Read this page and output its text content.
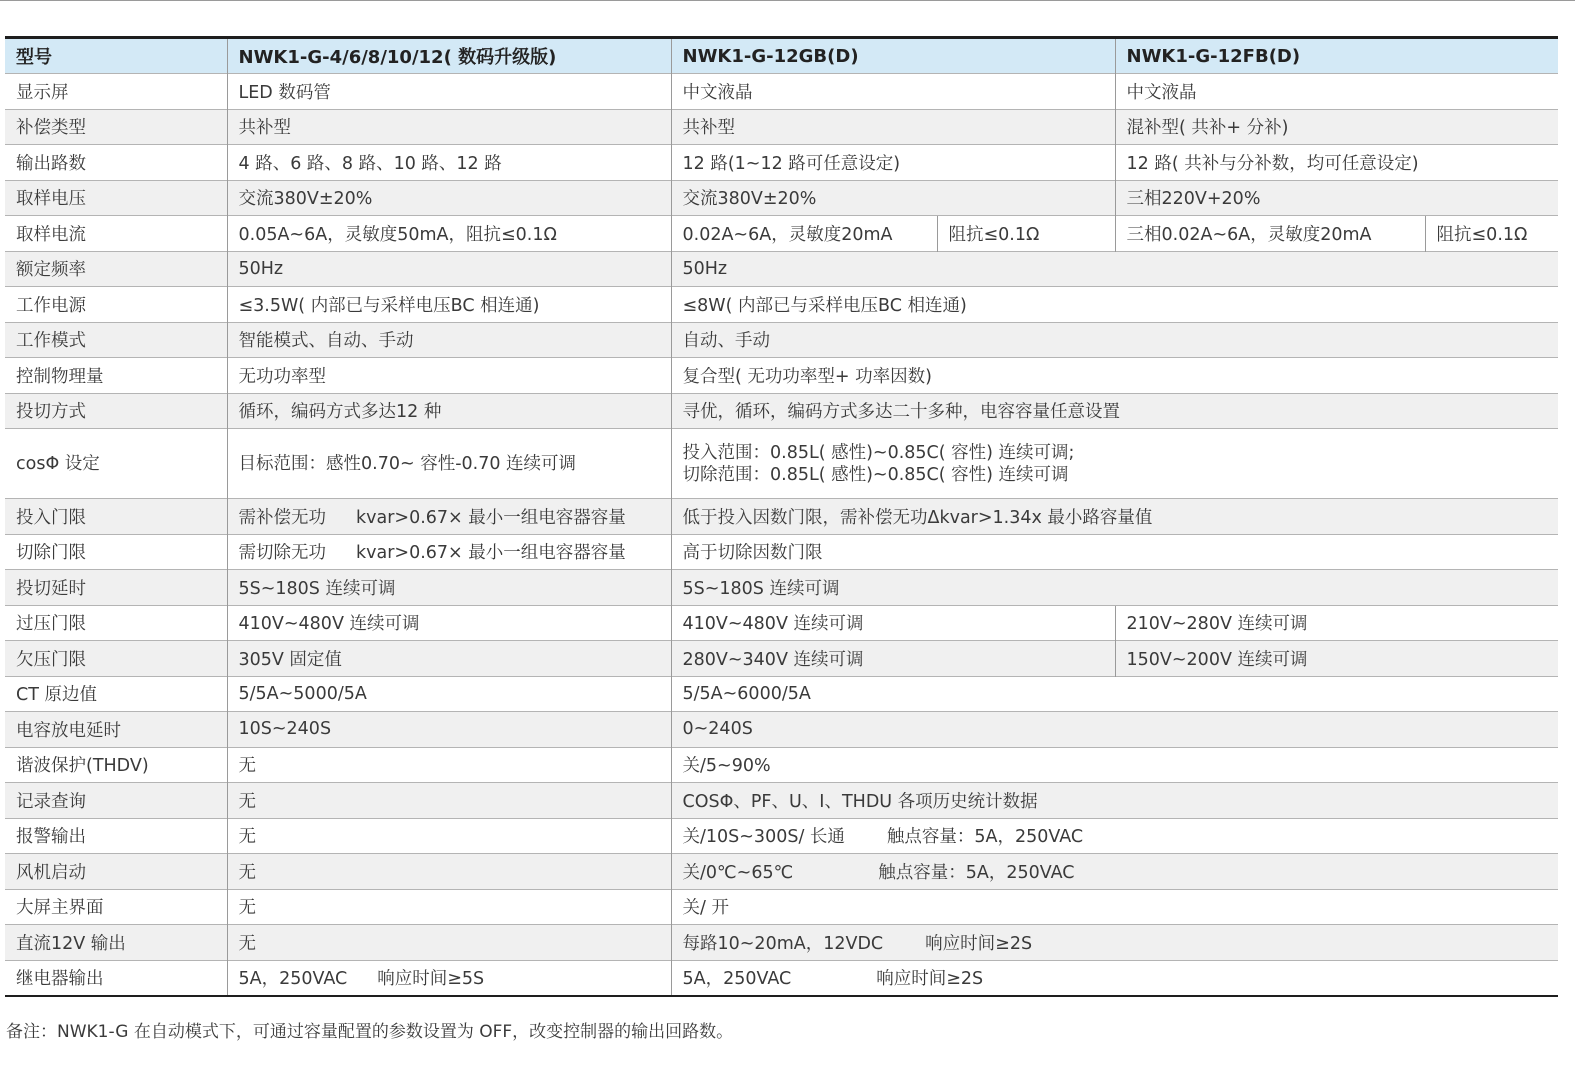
型号	NWK1-G-4/6/8/10/12( 数码升级版)	NWK1-G-12GB(D)		NWK1-G-12FB(D)	
显示屏	LED 数码管	中文液晶		中文液晶	
补偿类型	共补型	共补型		混补型( 共补+ 分补)	
输出路数	4 路、6 路、8 路、10 路、12 路	12 路(1~12 路可任意设定)		12 路( 共补与分补数，均可任意设定)	
取样电压	交流380V±20%	交流380V±20%		三相220V+20%	
取样电流	0.05A~6A，灵敏度50mA，阻抗≤0.1Ω	0.02A~6A，灵敏度20mA	阻抗≤0.1Ω	三相0.02A~6A，灵敏度20mA	阻抗≤0.1Ω
额定频率	50Hz	50Hz			
工作电源	≤3.5W( 内部已与采样电压BC 相连通)	≤8W( 内部已与采样电压BC 相连通)			
工作模式	智能模式、自动、手动	自动、手动			
控制物理量	无功功率型	复合型( 无功功率型+ 功率因数)			
投切方式	循环，编码方式多达12 种	寻优，循环，编码方式多达二十多种，电容容量任意设置			
cosΦ 设定	目标范围：感性0.70~ 容性-0.70 连续可调	投入范围：0.85L( 感性)~0.85C( 容性) 连续可调;
切除范围：0.85L( 感性)~0.85C( 容性) 连续可调			

投入门限	需补偿无功 kvar>0.67× 最小一组电容器容量	低于投入因数门限，需补偿无功Δkvar>1.34x 最小路容量值			
切除门限	需切除无功 kvar>0.67× 最小一组电容器容量	高于切除因数门限			
投切延时	5S~180S 连续可调	5S~180S 连续可调			
过压门限	410V~480V 连续可调	410V~480V 连续可调		210V~280V 连续可调	
欠压门限	305V 固定值	280V~340V 连续可调		150V~200V 连续可调	
CT 原边值	5/5A~5000/5A	5/5A~6000/5A			
电容放电延时	10S~240S	0~240S			
谐波保护(THDV)	无	关/5~90%			
记录查询	无	COSΦ、PF、U、I、THDU 各项历史统计数据			
报警输出	无	关/10S~300S/ 长通 触点容量：5A，250VAC			
风机启动	无	关/0℃~65℃ 触点容量：5A，250VAC			
大屏主界面	无	关/ 开			
直流12V 输出	无	每路10~20mA，12VDC 响应时间≥2S			
继电器输出	5A，250VAC 响应时间≥5S	5A，250VAC 响应时间≥2S			
备注：NWK1-G 在自动模式下，可通过容量配置的参数设置为 OFF，改变控制器的输出回路数。
